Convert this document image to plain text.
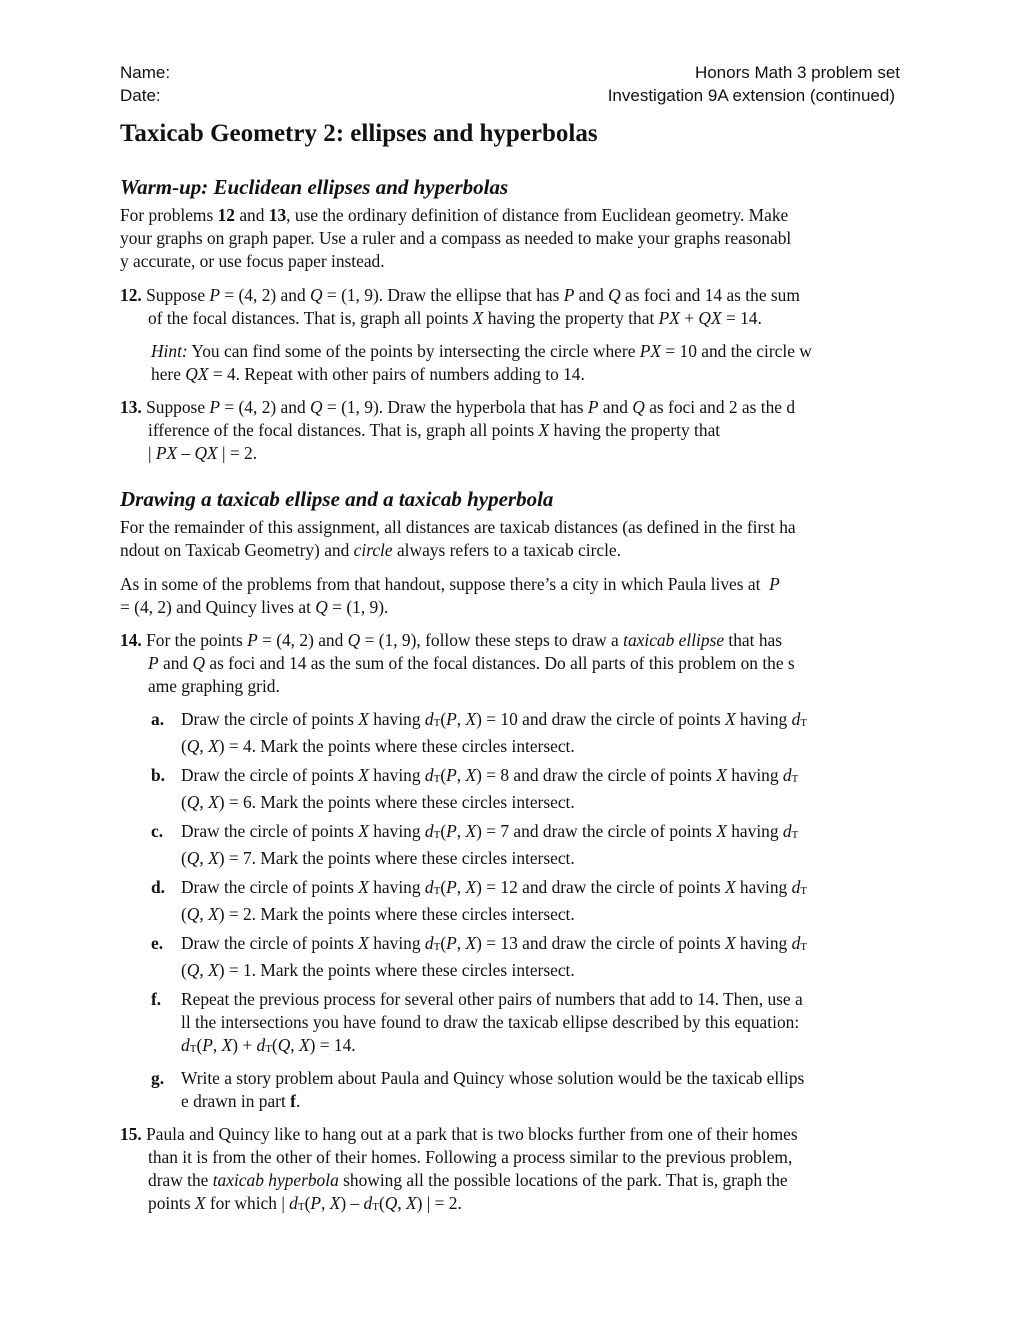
Name:
Date:
Honors Math 3 problem set
Investigation 9A extension (continued)
Taxicab Geometry 2: ellipses and hyperbolas
Warm-up: Euclidean ellipses and hyperbolas
For problems 12 and 13, use the ordinary definition of distance from Euclidean geometry. Make
your graphs on graph paper. Use a ruler and a compass as needed to make your graphs reasonabl
y accurate, or use focus paper instead.
12. Suppose P = (4, 2) and Q = (1, 9). Draw the ellipse that has P and Q as foci and 14 as the sum
of the focal distances. That is, graph all points X having the property that PX + QX = 14.
Hint: You can find some of the points by intersecting the circle where PX = 10 and the circle w
here QX = 4. Repeat with other pairs of numbers adding to 14.
13. Suppose P = (4, 2) and Q = (1, 9). Draw the hyperbola that has P and Q as foci and 2 as the d
ifference of the focal distances. That is, graph all points X having the property that
| PX – QX | = 2.
Drawing a taxicab ellipse and a taxicab hyperbola
For the remainder of this assignment, all distances are taxicab distances (as defined in the first ha
ndout on Taxicab Geometry) and circle always refers to a taxicab circle.
As in some of the problems from that handout, suppose there’s a city in which Paula lives at  P
= (4, 2) and Quincy lives at Q = (1, 9).
14. For the points P = (4, 2) and Q = (1, 9), follow these steps to draw a taxicab ellipse that has
P and Q as foci and 14 as the sum of the focal distances. Do all parts of this problem on the s
ame graphing grid.
a. Draw the circle of points X having dT(P, X) = 10 and draw the circle of points X having dT
(Q, X) = 4. Mark the points where these circles intersect.
b. Draw the circle of points X having dT(P, X) = 8 and draw the circle of points X having dT
(Q, X) = 6. Mark the points where these circles intersect.
c.	Draw the circle of points X having dT(P, X) = 7 and draw the circle of points X having dT
(Q, X) = 7. Mark the points where these circles intersect.
d. Draw the circle of points X having dT(P, X) = 12 and draw the circle of points X having dT
(Q, X) = 2. Mark the points where these circles intersect.
e.	Draw the circle of points X having dT(P, X) = 13 and draw the circle of points X having dT
(Q, X) = 1. Mark the points where these circles intersect.
f.	Repeat the previous process for several other pairs of numbers that add to 14. Then, use a
ll the intersections you have found to draw the taxicab ellipse described by this equation:
dT(P, X) + dT(Q, X) = 14.
g. Write a story problem about Paula and Quincy whose solution would be the taxicab ellips
e drawn in part f.
15. Paula and Quincy like to hang out at a park that is two blocks further from one of their homes
than it is from the other of their homes. Following a process similar to the previous problem,
draw the taxicab hyperbola showing all the possible locations of the park. That is, graph the
points X for which | dT(P, X) – dT(Q, X) | = 2.
